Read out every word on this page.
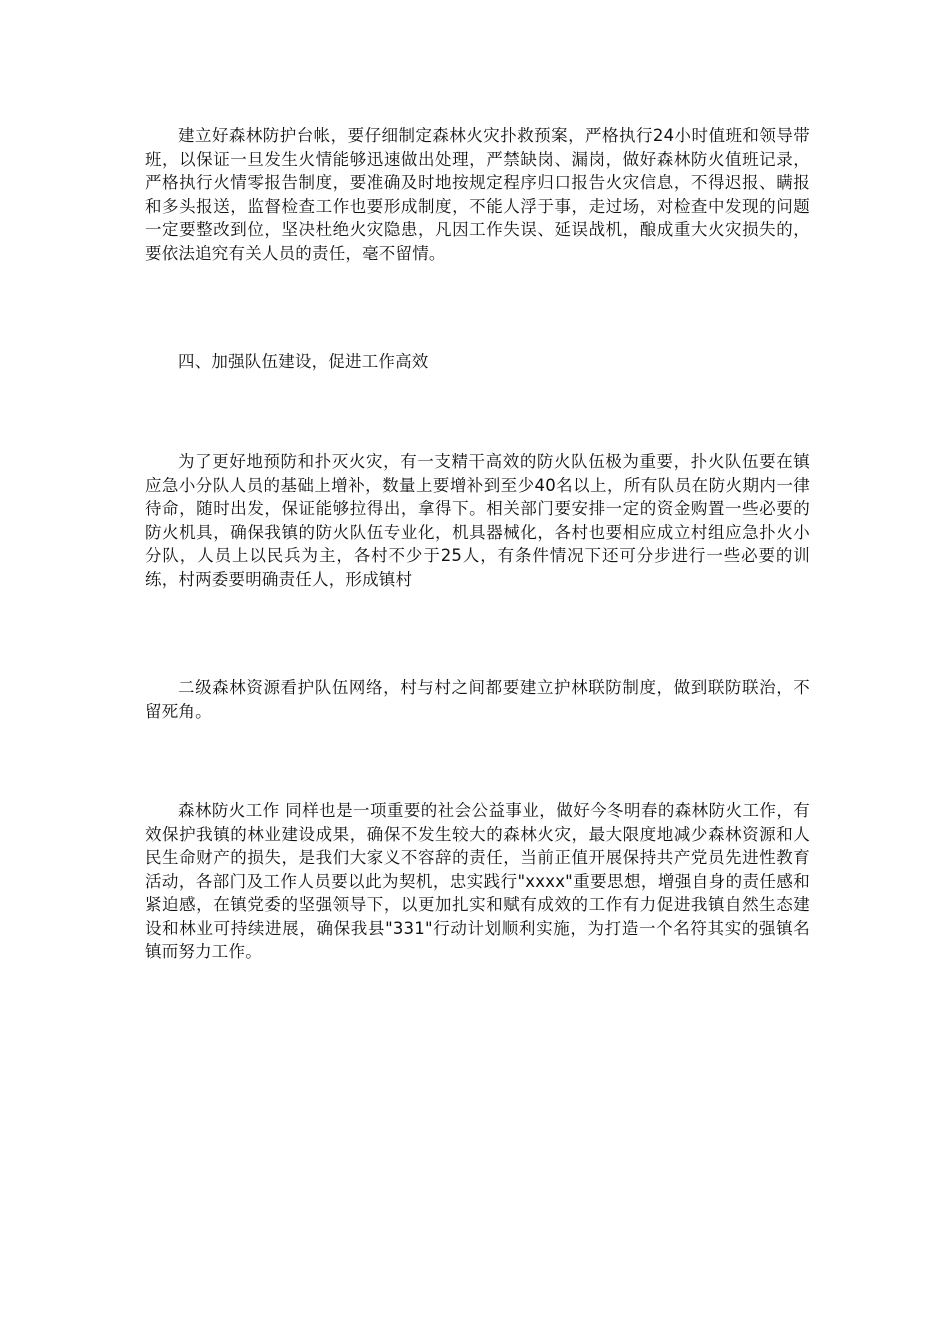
建立好森林防护台帐，要仔细制定森林火灾扑救预案，严格执行24小时值班和领导带班，以保证一旦发生火情能够迅速做出处理，严禁缺岗、漏岗，做好森林防火值班记录，严格执行火情零报告制度，要准确及时地按规定程序归口报告火灾信息，不得迟报、瞒报和多头报送，监督检查工作也要形成制度，不能人浮于事，走过场，对检查中发现的问题一定要整改到位，坚决杜绝火灾隐患，凡因工作失误、延误战机，酿成重大火灾损失的，要依法追究有关人员的责任，毫不留情。

四、加强队伍建设，促进工作高效

为了更好地预防和扑灭火灾，有一支精干高效的防火队伍极为重要，扑火队伍要在镇应急小分队人员的基础上增补，数量上要增补到至少40名以上，所有队员在防火期内一律待命，随时出发，保证能够拉得出，拿得下。相关部门要安排一定的资金购置一些必要的防火机具，确保我镇的防火队伍专业化，机具器械化，各村也要相应成立村组应急扑火小分队，人员上以民兵为主，各村不少于25人，有条件情况下还可分步进行一些必要的训练，村两委要明确责任人，形成镇村

二级森林资源看护队伍网络，村与村之间都要建立护林联防制度，做到联防联治，不留死角。

森林防火工作 同样也是一项重要的社会公益事业，做好今冬明春的森林防火工作，有效保护我镇的林业建设成果，确保不发生较大的森林火灾，最大限度地减少森林资源和人民生命财产的损失，是我们大家义不容辞的责任，当前正值开展保持共产党员先进性教育活动，各部门及工作人员要以此为契机，忠实践行"xxxx"重要思想，增强自身的责任感和紧迫感，在镇党委的坚强领导下，以更加扎实和赋有成效的工作有力促进我镇自然生态建设和林业可持续进展，确保我县"331"行动计划顺利实施，为打造一个名符其实的强镇名镇而努力工作。
